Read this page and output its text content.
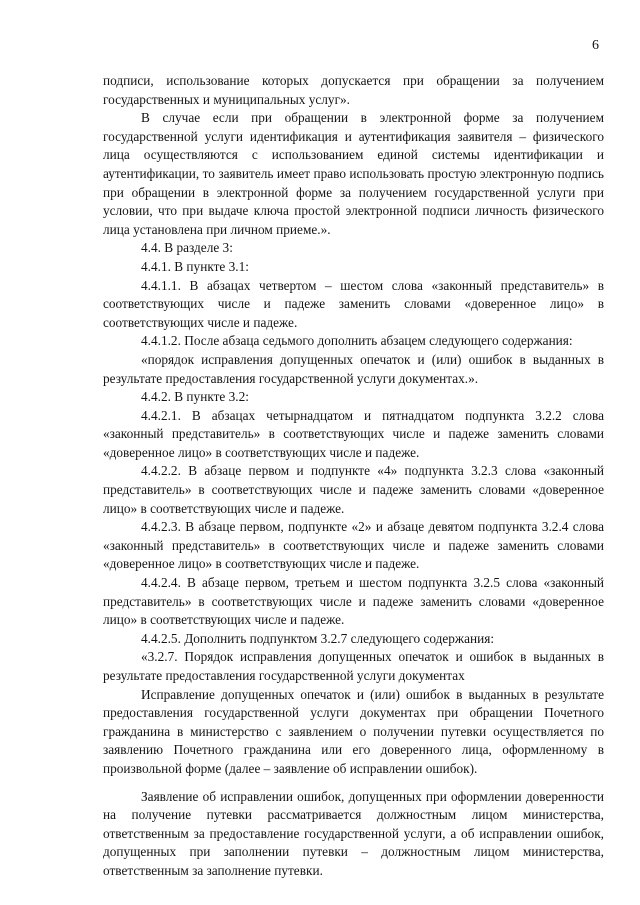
6

подписи, использование которых допускается при обращении за получением государственных и муниципальных услуг».

В случае если при обращении в электронной форме за получением государственной услуги идентификация и аутентификация заявителя – физического лица осуществляются с использованием единой системы идентификации и аутентификации, то заявитель имеет право использовать простую электронную подпись при обращении в электронной форме за получением государственной услуги при условии, что при выдаче ключа простой электронной подписи личность физического лица установлена при личном приеме.».

4.4. В разделе 3:

4.4.1. В пункте 3.1:

4.4.1.1. В абзацах четвертом – шестом слова «законный представитель» в соответствующих числе и падеже заменить словами «доверенное лицо» в соответствующих числе и падеже.

4.4.1.2. После абзаца седьмого дополнить абзацем следующего содержания:

«порядок исправления допущенных опечаток и (или) ошибок в выданных в результате предоставления государственной услуги документах.».

4.4.2. В пункте 3.2:

4.4.2.1. В абзацах четырнадцатом и пятнадцатом подпункта 3.2.2 слова «законный представитель» в соответствующих числе и падеже заменить словами «доверенное лицо» в соответствующих числе и падеже.

4.4.2.2. В абзаце первом и подпункте «4» подпункта 3.2.3 слова «законный представитель» в соответствующих числе и падеже заменить словами «доверенное лицо» в соответствующих числе и падеже.

4.4.2.3. В абзаце первом, подпункте «2» и абзаце девятом подпункта 3.2.4 слова «законный представитель» в соответствующих числе и падеже заменить словами «доверенное лицо» в соответствующих числе и падеже.

4.4.2.4. В абзаце первом, третьем и шестом подпункта 3.2.5 слова «законный представитель» в соответствующих числе и падеже заменить словами «доверенное лицо» в соответствующих числе и падеже.

4.4.2.5. Дополнить подпунктом 3.2.7 следующего содержания:

«3.2.7. Порядок исправления допущенных опечаток и ошибок в выданных в результате предоставления государственной услуги документах

Исправление допущенных опечаток и (или) ошибок в выданных в результате предоставления государственной услуги документах при обращении Почетного гражданина в министерство с заявлением о получении путевки осуществляется по заявлению Почетного гражданина или его доверенного лица, оформленному в произвольной форме (далее – заявление об исправлении ошибок).

Заявление об исправлении ошибок, допущенных при оформлении доверенности на получение путевки рассматривается должностным лицом министерства, ответственным за предоставление государственной услуги, а об исправлении ошибок, допущенных при заполнении путевки – должностным лицом министерства, ответственным за заполнение путевки.
